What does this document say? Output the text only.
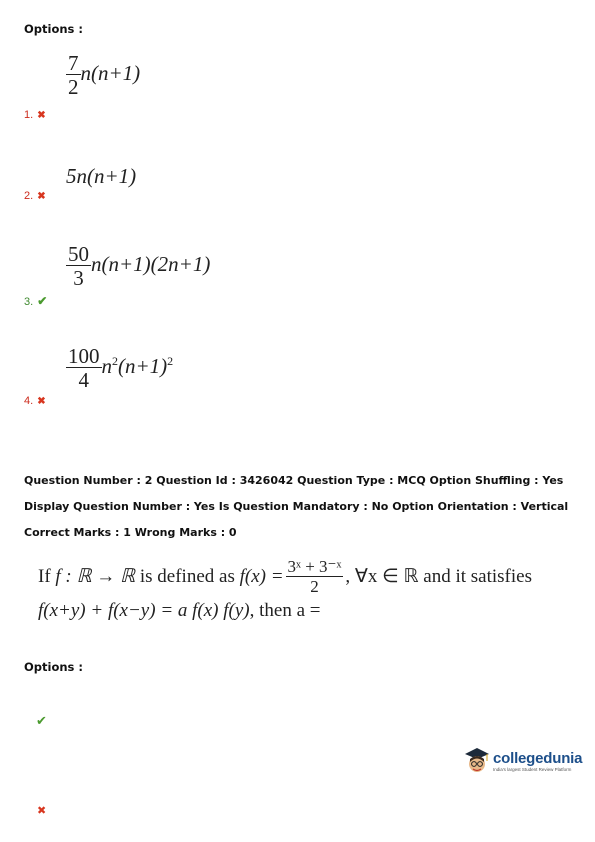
Options :
$\frac{7}{2} n(n+1)$
1. ✖
5n(n+1)
2. ✖
$\frac{50}{3} n(n+1)(2n+1)$
3. ✔
$\frac{100}{4} n^2(n+1)^2$
4. ✖
Question Number : 2 Question Id : 3426042 Question Type : MCQ Option Shuffling : Yes
Display Question Number : Yes Is Question Mandatory : No Option Orientation : Vertical
Correct Marks : 1 Wrong Marks : 0
If
f : ℝ → ℝ
is defined as
$f(x) = \frac{\text{3ˣ + 3⁻ˣ}}{2}$ , ∀x ∈ ℝ
and it satisfies
f(x+y) + f(x−y) = a f(x) f(y), then a =
Options :
✔
✖
collegedunia
India's largest Student Review Platform
